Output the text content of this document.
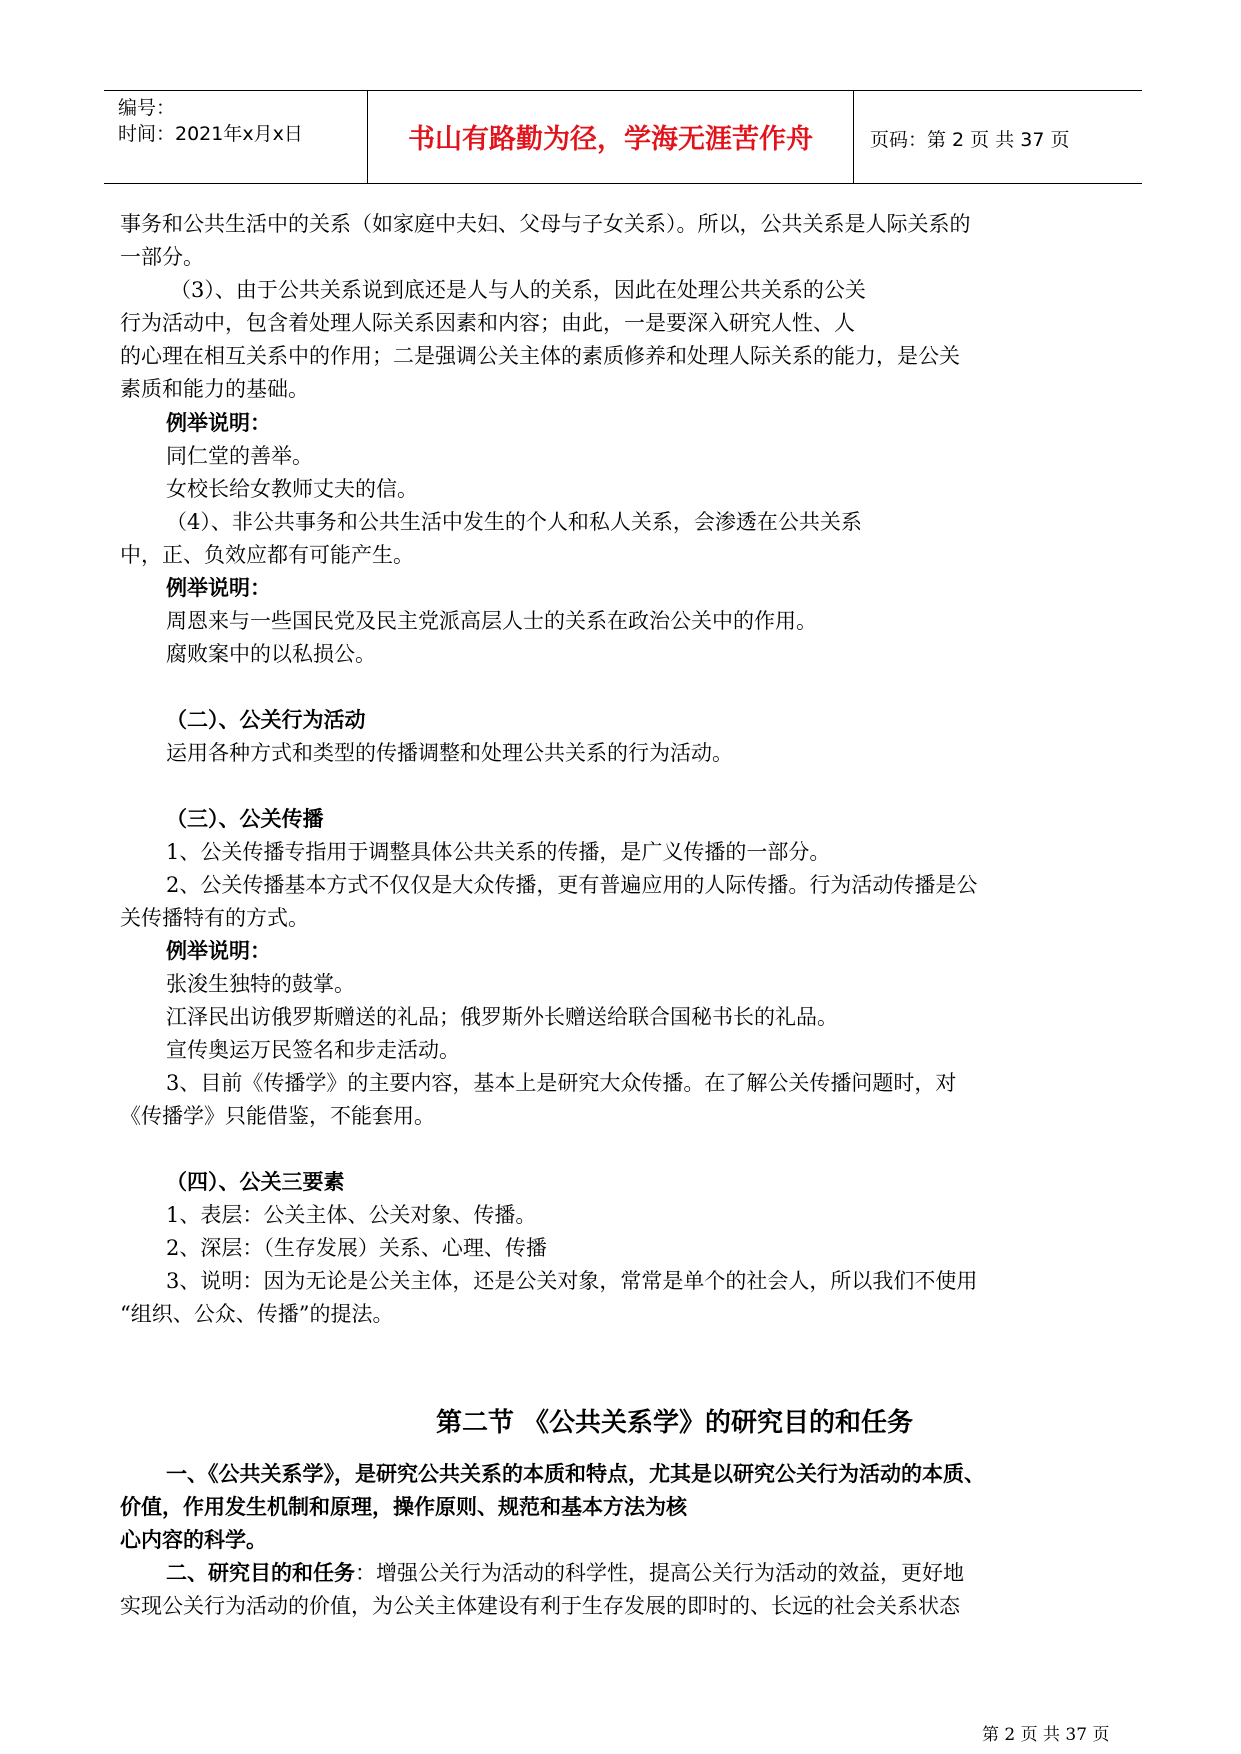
编号：
时间：2021年x月x日	书山有路勤为径，学海无涯苦作舟	页码：第 2 页 共 37 页
事务和公共生活中的关系（如家庭中夫妇、父母与子女关系）。所以，公共关系是人际关系的
一部分。
（3）、由于公共关系说到底还是人与人的关系，因此在处理公共关系的公关
行为活动中，包含着处理人际关系因素和内容；由此，一是要深入研究人性、人
的心理在相互关系中的作用；二是强调公关主体的素质修养和处理人际关系的能力，是公关
素质和能力的基础。
例举说明：
同仁堂的善举。
女校长给女教师丈夫的信。
（4）、非公共事务和公共生活中发生的个人和私人关系，会渗透在公共关系
中，正、负效应都有可能产生。
例举说明：
周恩来与一些国民党及民主党派高层人士的关系在政治公关中的作用。
腐败案中的以私损公。
（二）、公关行为活动
运用各种方式和类型的传播调整和处理公共关系的行为活动。
（三）、公关传播
1、公关传播专指用于调整具体公共关系的传播，是广义传播的一部分。
2、公关传播基本方式不仅仅是大众传播，更有普遍应用的人际传播。行为活动传播是公
关传播特有的方式。
例举说明：
张浚生独特的鼓掌。
江泽民出访俄罗斯赠送的礼品；俄罗斯外长赠送给联合国秘书长的礼品。
宣传奥运万民签名和步走活动。
3、目前《传播学》的主要内容，基本上是研究大众传播。在了解公关传播问题时，对
《传播学》只能借鉴，不能套用。
（四）、公关三要素
1、表层：公关主体、公关对象、传播。
2、深层：（生存发展）关系、心理、传播
3、说明：因为无论是公关主体，还是公关对象，常常是单个的社会人，所以我们不使用
“组织、公众、传播”的提法。
第二节 《公共关系学》的研究目的和任务
一、《公共关系学》，是研究公共关系的本质和特点，尤其是以研究公关行为活动的本质、
价值，作用发生机制和原理，操作原则、规范和基本方法为核
心内容的科学。
二、研究目的和任务：增强公关行为活动的科学性，提高公关行为活动的效益，更好地
实现公关行为活动的价值，为公关主体建设有利于生存发展的即时的、长远的社会关系状态
第 2 页 共 37 页
